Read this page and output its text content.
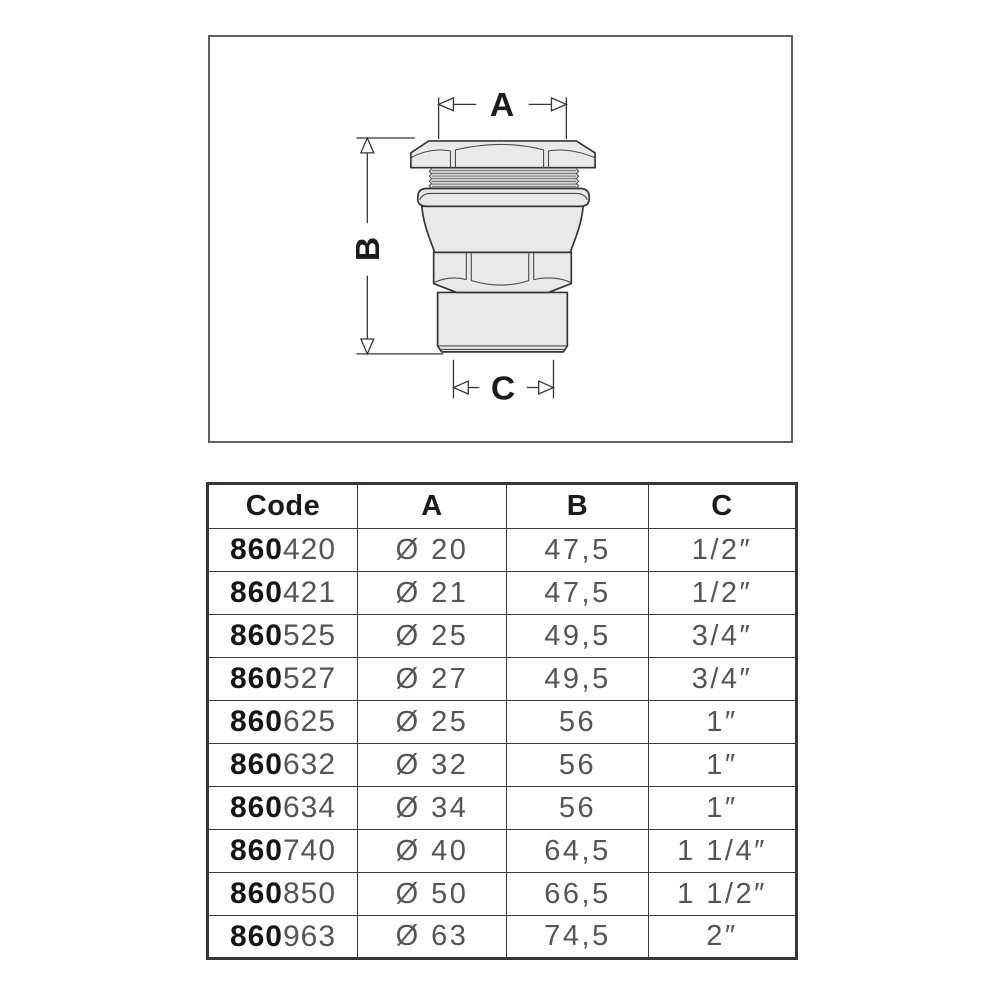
A
B
C
Code	A	B	C
860420	Ø 20	47,5	1/2″
860421	Ø 21	47,5	1/2″
860525	Ø 25	49,5	3/4″
860527	Ø 27	49,5	3/4″
860625	Ø 25	56	1″
860632	Ø 32	56	1″
860634	Ø 34	56	1″
860740	Ø 40	64,5	1 1/4″
860850	Ø 50	66,5	1 1/2″
860963	Ø 63	74,5	2″
